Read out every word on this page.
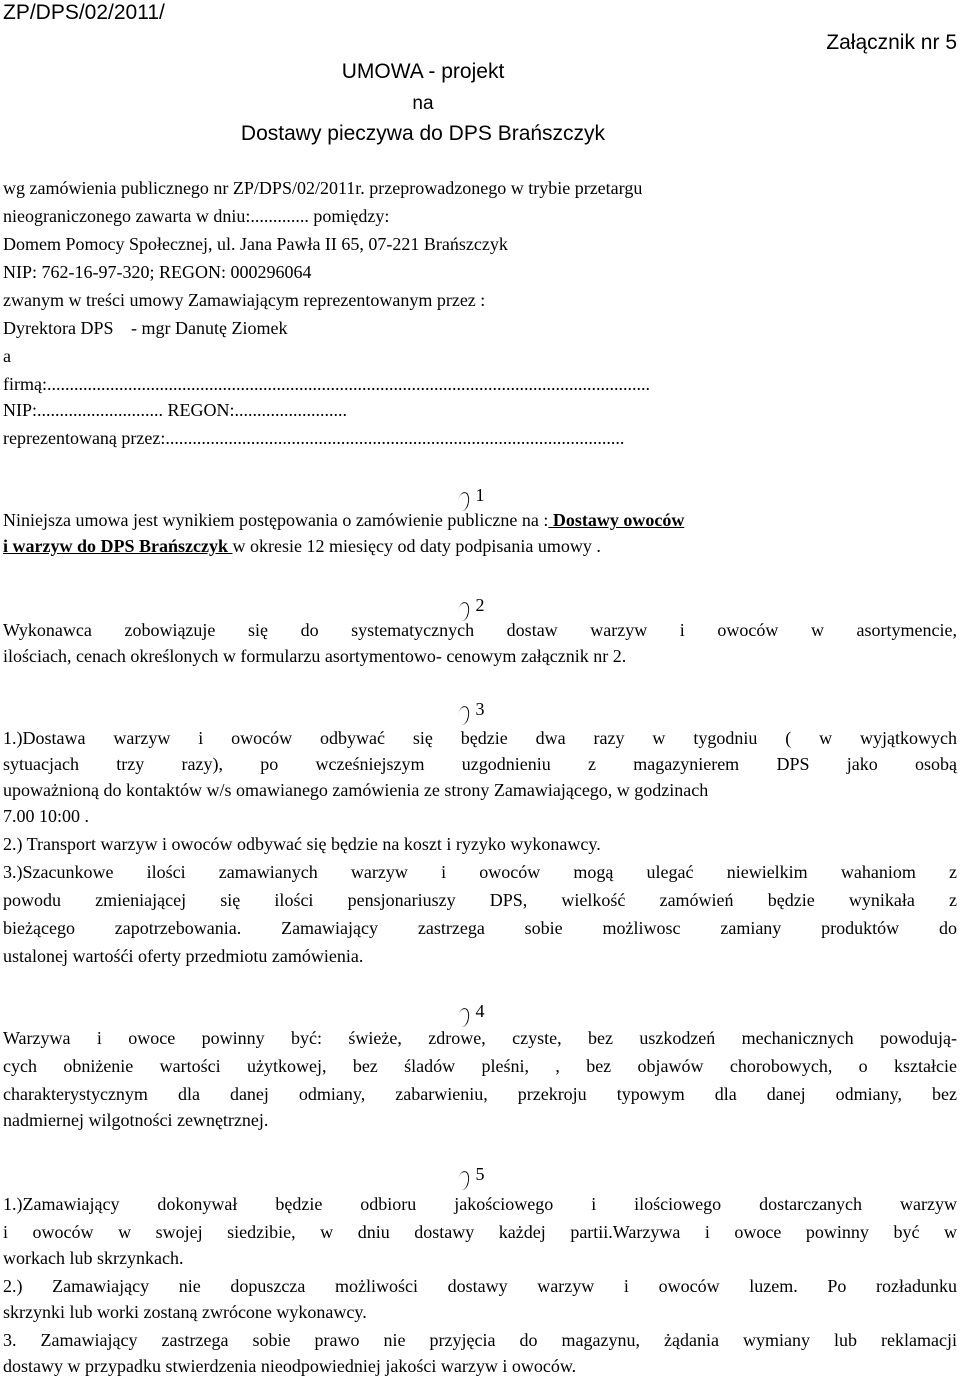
ZP/DPS/02/2011/
Załącznik nr 5
UMOWA - projekt
na
Dostawy pieczywa do DPS Brańszczyk

wg zamówienia publicznego nr ZP/DPS/02/2011r. przeprowadzonego w trybie przetargu

nieograniczonego zawarta w dniu:............. pomiędzy:

Domem Pomocy Społecznej, ul. Jana Pawła II 65, 07-221 Brańszczyk

NIP: 762-16-97-320; REGON: 000296064

zwanym w treści umowy Zamawiającym reprezentowanym przez :

Dyrektora DPS - mgr Danutę Ziomek

a

firmą:......................................................................................................................................

NIP:............................ REGON:.........................

reprezentowaną przez:......................................................................................................

1

Niniejsza umowa jest wynikiem postępowania o zamówienie publiczne na : Dostawy owoców

i warzyw do DPS Brańszczyk w okresie 12 miesięcy od daty podpisania umowy .

2

Wykonawca zobowiązuje się do systematycznych dostaw warzyw i owoców w asortymencie,

ilościach, cenach określonych w formularzu asortymentowo- cenowym załącznik nr 2.

3

1.)Dostawa warzyw i owoców odbywać się będzie dwa razy w tygodniu ( w wyjątkowych

sytuacjach trzy razy), po wcześniejszym uzgodnieniu z magazynierem DPS jako osobą

upoważnioną do kontaktów w/s omawianego zamówienia ze strony Zamawiającego, w godzinach

7.00 10:00 .

2.) Transport warzyw i owoców odbywać się będzie na koszt i ryzyko wykonawcy.

3.)Szacunkowe ilości zamawianych warzyw i owoców mogą ulegać niewielkim wahaniom z

powodu zmieniającej się ilości pensjonariuszy DPS, wielkość zamówień będzie wynikała z

bieżącego zapotrzebowania. Zamawiający zastrzega sobie możliwosc zamiany produktów do

ustalonej wartośći oferty przedmiotu zamówienia.

4

Warzywa i owoce powinny być: świeże, zdrowe, czyste, bez uszkodzeń mechanicznych powodują-

cych obniżenie wartości użytkowej, bez śladów pleśni, , bez objawów chorobowych, o kształcie

charakterystycznym dla danej odmiany, zabarwieniu, przekroju typowym dla danej odmiany, bez

nadmiernej wilgotności zewnętrznej.

5

1.)Zamawiający dokonywał będzie odbioru jakościowego i ilościowego dostarczanych warzyw

i owoców w swojej siedzibie, w dniu dostawy każdej partii.Warzywa i owoce powinny być w

workach lub skrzynkach.

2.) Zamawiający nie dopuszcza możliwości dostawy warzyw i owoców luzem. Po rozładunku

skrzynki lub worki zostaną zwrócone wykonawcy.

3. Zamawiający zastrzega sobie prawo nie przyjęcia do magazynu, żądania wymiany lub reklamacji

dostawy w przypadku stwierdzenia nieodpowiedniej jakości warzyw i owoców.
